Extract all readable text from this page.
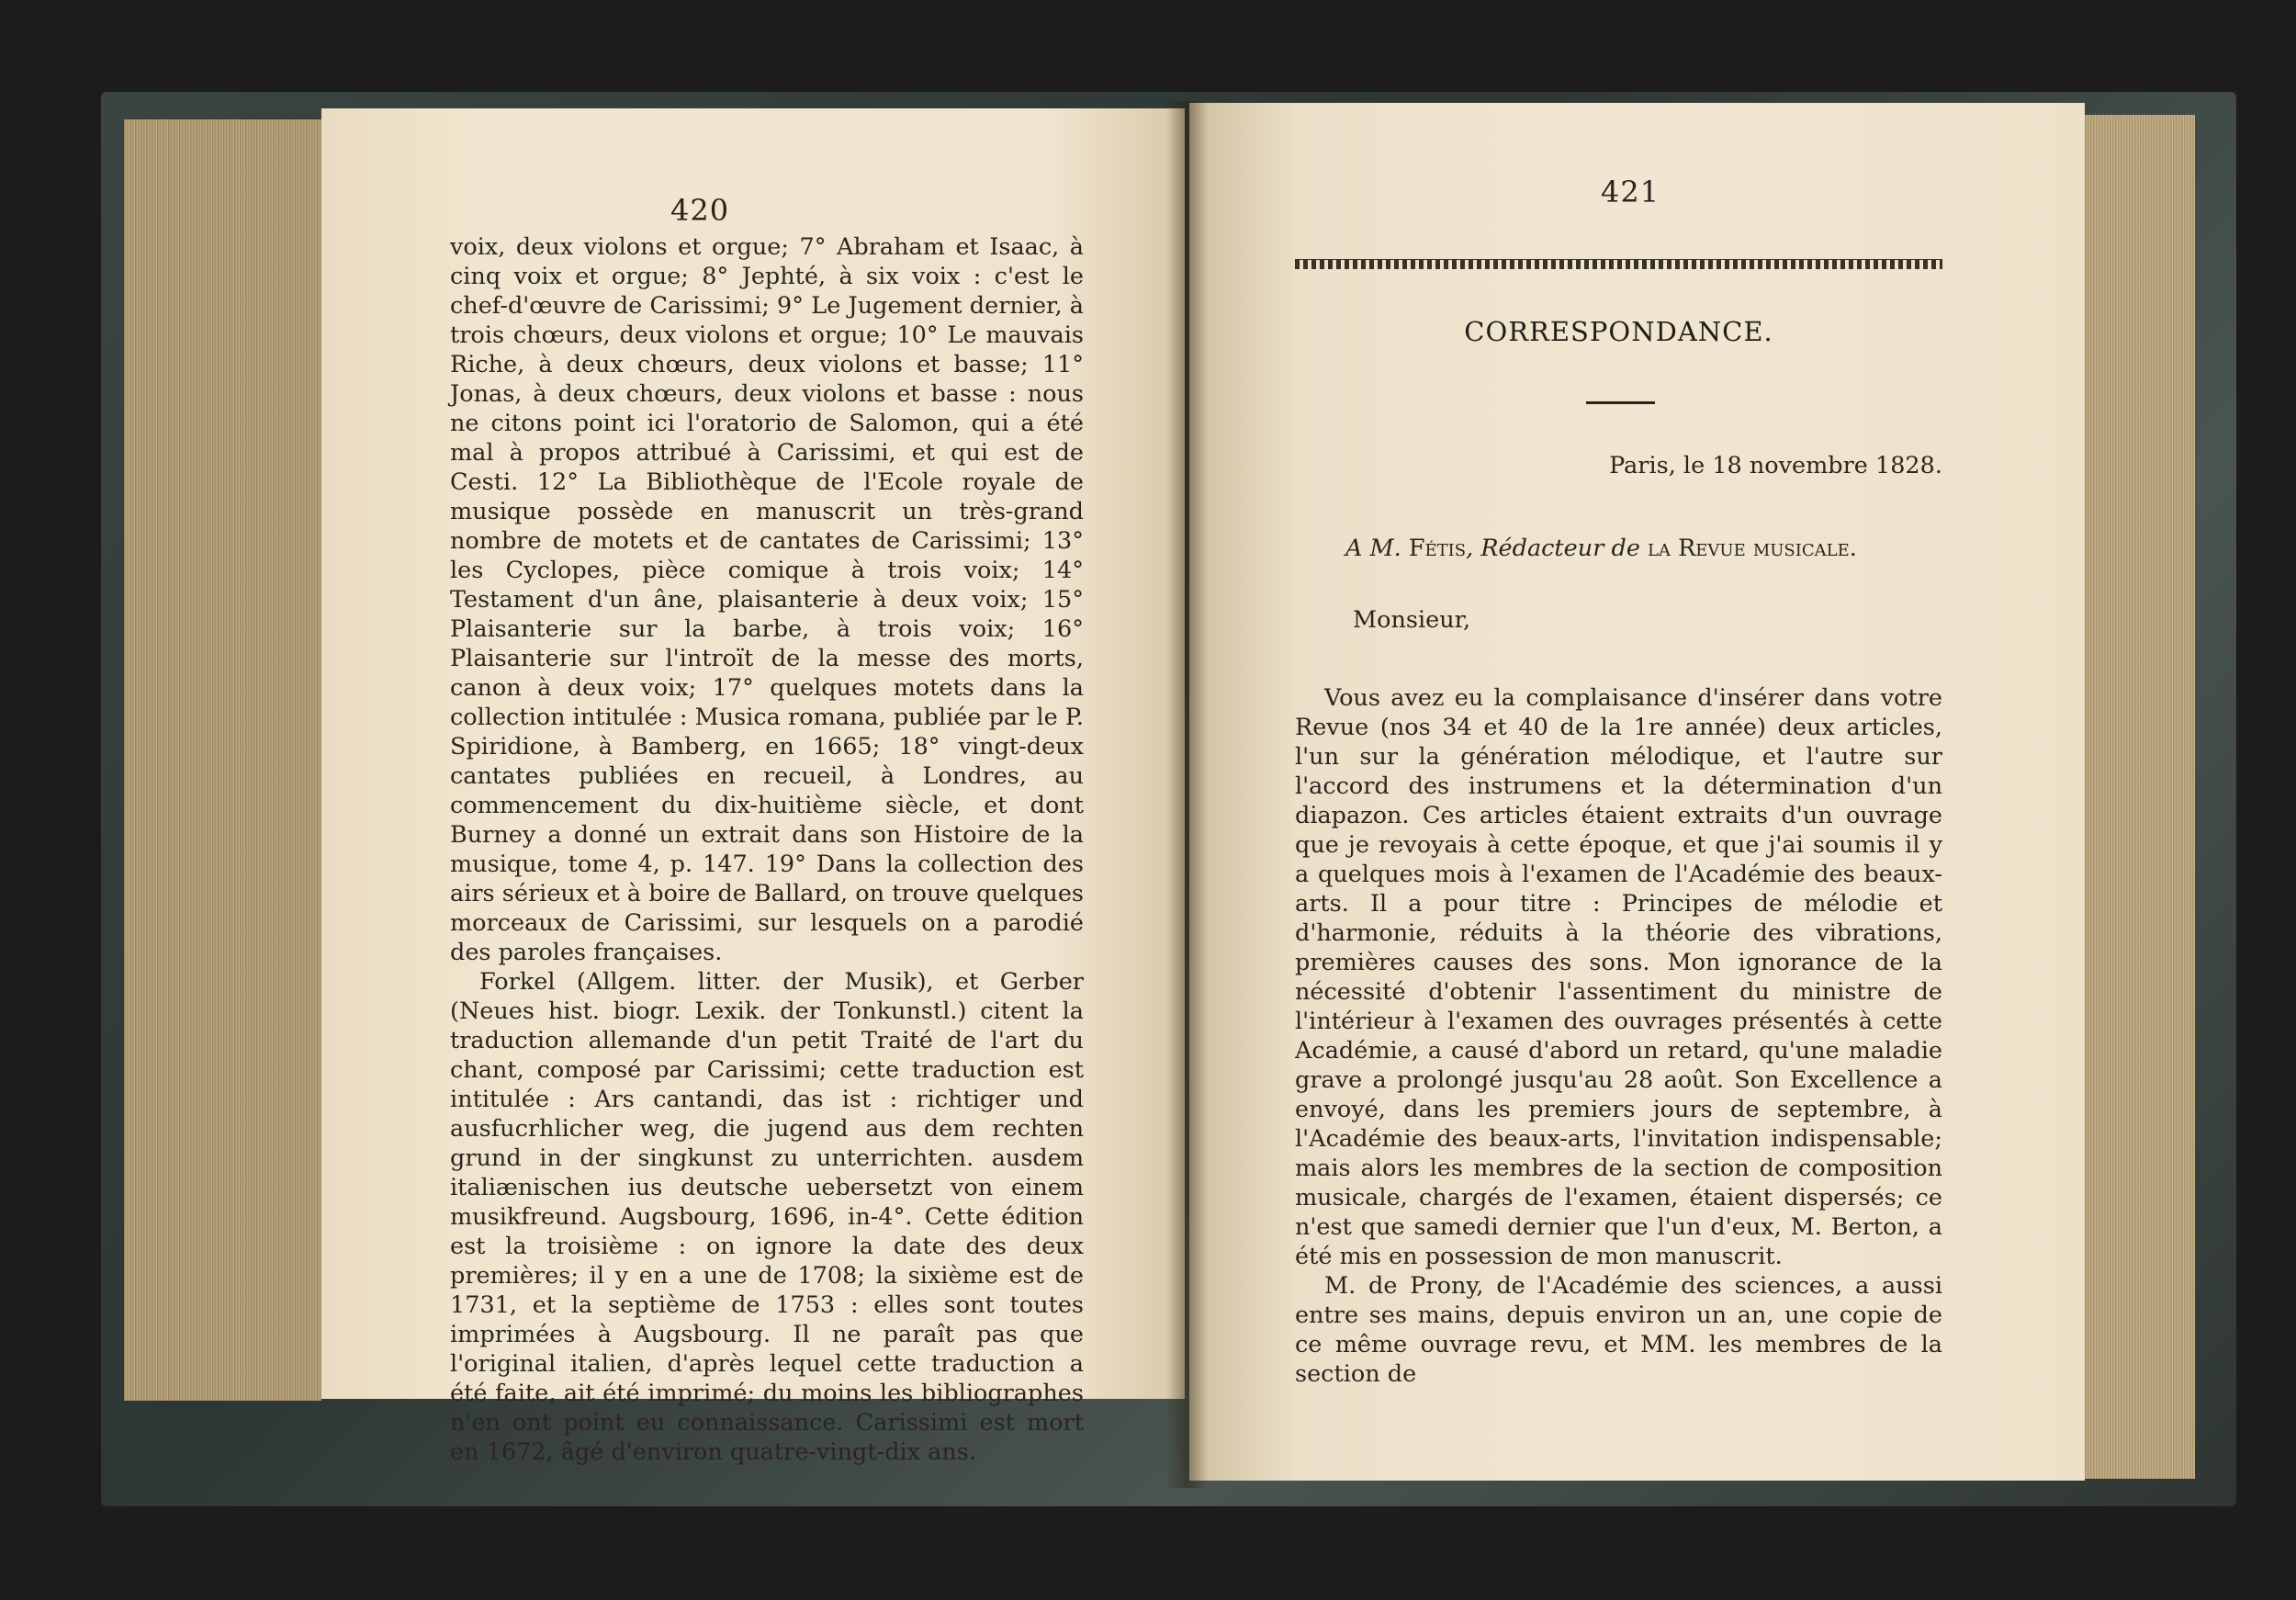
420

voix, deux violons et orgue; 7° Abraham et Isaac, à cinq voix et orgue; 8° Jephté, à six voix : c'est le chef-d'œuvre de Carissimi; 9° Le Jugement dernier, à trois chœurs, deux violons et orgue; 10° Le mauvais Riche, à deux chœurs, deux violons et basse; 11° Jonas, à deux chœurs, deux violons et basse : nous ne citons point ici l'oratorio de Salomon, qui a été mal à propos attribué à Carissimi, et qui est de Cesti. 12° La Bibliothèque de l'Ecole royale de musique possède en manuscrit un très-grand nombre de motets et de cantates de Carissimi; 13° les Cyclopes, pièce comique à trois voix; 14° Testament d'un âne, plaisanterie à deux voix; 15° Plaisanterie sur la barbe, à trois voix; 16° Plaisanterie sur l'introït de la messe des morts, canon à deux voix; 17° quelques motets dans la collection intitulée : Musica romana, publiée par le P. Spiridione, à Bamberg, en 1665; 18° vingt-deux cantates publiées en recueil, à Londres, au commencement du dix-huitième siècle, et dont Burney a donné un extrait dans son Histoire de la musique, tome 4, p. 147. 19° Dans la collection des airs sérieux et à boire de Ballard, on trouve quelques morceaux de Carissimi, sur lesquels on a parodié des paroles françaises.

Forkel (Allgem. litter. der Musik), et Gerber (Neues hist. biogr. Lexik. der Tonkunstl.) citent la traduction allemande d'un petit Traité de l'art du chant, composé par Carissimi; cette traduction est intitulée : Ars cantandi, das ist : richtiger und ausfucrhlicher weg, die jugend aus dem rechten grund in der singkunst zu unterrichten. ausdem italiænischen ius deutsche uebersetzt von einem musikfreund. Augsbourg, 1696, in-4°. Cette édition est la troisième : on ignore la date des deux premières; il y en a une de 1708; la sixième est de 1731, et la septième de 1753 : elles sont toutes imprimées à Augsbourg. Il ne paraît pas que l'original italien, d'après lequel cette traduction a été faite, ait été imprimé; du moins les bibliographes n'en ont point eu connaissance. Carissimi est mort en 1672, âgé d'environ quatre-vingt-dix ans.

421
CORRESPONDANCE.
Paris, le 18 novembre 1828.
A M. Fétis, Rédacteur de la Revue musicale.
Monsieur,

Vous avez eu la complaisance d'insérer dans votre Revue (nos 34 et 40 de la 1re année) deux articles, l'un sur la génération mélodique, et l'autre sur l'accord des instrumens et la détermination d'un diapazon. Ces articles étaient extraits d'un ouvrage que je revoyais à cette époque, et que j'ai soumis il y a quelques mois à l'examen de l'Académie des beaux-arts. Il a pour titre : Principes de mélodie et d'harmonie, réduits à la théorie des vibrations, premières causes des sons. Mon ignorance de la nécessité d'obtenir l'assentiment du ministre de l'intérieur à l'examen des ouvrages présentés à cette Académie, a causé d'abord un retard, qu'une maladie grave a prolongé jusqu'au 28 août. Son Excellence a envoyé, dans les premiers jours de septembre, à l'Académie des beaux-arts, l'invitation indispensable; mais alors les membres de la section de composition musicale, chargés de l'examen, étaient dispersés; ce n'est que samedi dernier que l'un d'eux, M. Berton, a été mis en possession de mon manuscrit.

M. de Prony, de l'Académie des sciences, a aussi entre ses mains, depuis environ un an, une copie de ce même ouvrage revu, et MM. les membres de la section de
